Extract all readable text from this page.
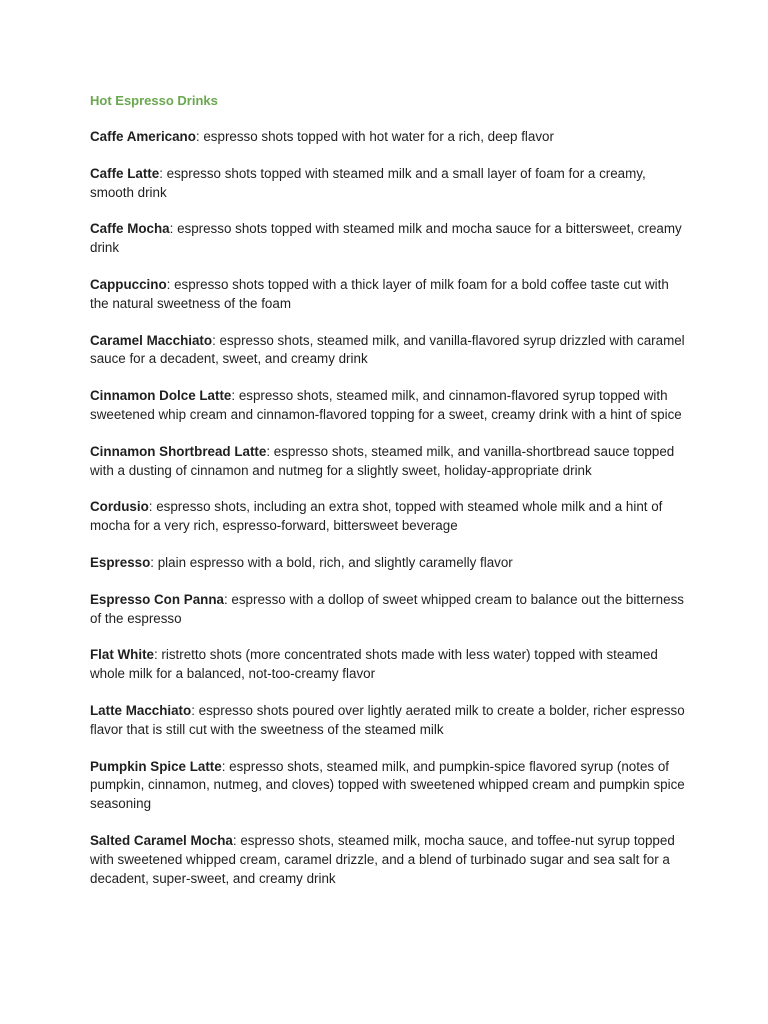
Hot Espresso Drinks

Caffe Americano: espresso shots topped with hot water for a rich, deep flavor

Caffe Latte: espresso shots topped with steamed milk and a small layer of foam for a creamy, smooth drink

Caffe Mocha: espresso shots topped with steamed milk and mocha sauce for a bittersweet, creamy drink

Cappuccino: espresso shots topped with a thick layer of milk foam for a bold coffee taste cut with the natural sweetness of the foam

Caramel Macchiato: espresso shots, steamed milk, and vanilla-flavored syrup drizzled with caramel sauce for a decadent, sweet, and creamy drink

Cinnamon Dolce Latte: espresso shots, steamed milk, and cinnamon-flavored syrup topped with sweetened whip cream and cinnamon-flavored topping for a sweet, creamy drink with a hint of spice

Cinnamon Shortbread Latte: espresso shots, steamed milk, and vanilla-shortbread sauce topped with a dusting of cinnamon and nutmeg for a slightly sweet, holiday-appropriate drink

Cordusio: espresso shots, including an extra shot, topped with steamed whole milk and a hint of mocha for a very rich, espresso-forward, bittersweet beverage

Espresso: plain espresso with a bold, rich, and slightly caramelly flavor

Espresso Con Panna: espresso with a dollop of sweet whipped cream to balance out the bitterness of the espresso

Flat White: ristretto shots (more concentrated shots made with less water) topped with steamed whole milk for a balanced, not-too-creamy flavor

Latte Macchiato: espresso shots poured over lightly aerated milk to create a bolder, richer espresso flavor that is still cut with the sweetness of the steamed milk

Pumpkin Spice Latte: espresso shots, steamed milk, and pumpkin-spice flavored syrup (notes of pumpkin, cinnamon, nutmeg, and cloves) topped with sweetened whipped cream and pumpkin spice seasoning

Salted Caramel Mocha: espresso shots, steamed milk, mocha sauce, and toffee-nut syrup topped with sweetened whipped cream, caramel drizzle, and a blend of turbinado sugar and sea salt for a decadent, super-sweet, and creamy drink
